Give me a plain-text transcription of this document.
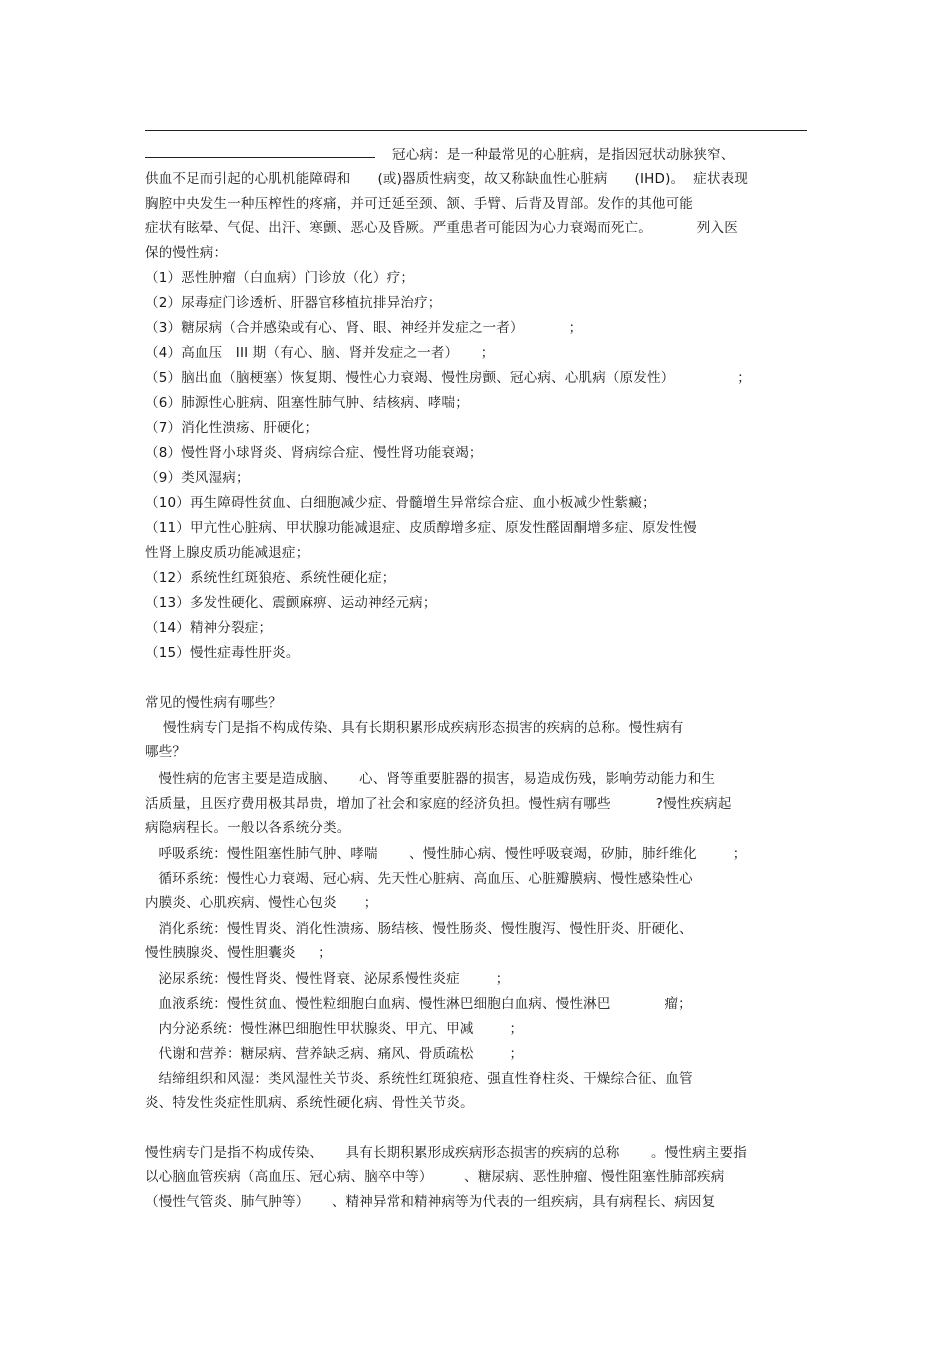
冠心病：是一种最常见的心脏病，是指因冠状动脉狭窄、
供血不足而引起的心肌机能障碍和      (或)器质性病变，故又称缺血性心脏病      (IHD)。  症状表现
胸腔中央发生一种压榨性的疼痛，并可迁延至颈、颔、手臂、后背及胃部。发作的其他可能
症状有眩晕、气促、出汗、寒颤、恶心及昏厥。严重患者可能因为心力衰竭而死亡。          列入医
保的慢性病：
（1）恶性肿瘤（白血病）门诊放（化）疗；
（2）尿毒症门诊透析、肝器官移植抗排异治疗；
（3）糖尿病（合并感染或有心、肾、眼、神经并发症之一者）          ；
（4）高血压   III 期（有心、脑、肾并发症之一者）     ；
（5）脑出血（脑梗塞）恢复期、慢性心力衰竭、慢性房颤、冠心病、心肌病（原发性）              ；
（6）肺源性心脏病、阻塞性肺气肿、结核病、哮喘；
（7）消化性溃疡、肝硬化；
（8）慢性肾小球肾炎、肾病综合症、慢性肾功能衰竭；
（9）类风湿病；
（10）再生障碍性贫血、白细胞减少症、骨髓增生异常综合症、血小板减少性紫癜；
（11）甲亢性心脏病、甲状腺功能减退症、皮质醇增多症、原发性醛固酮增多症、原发性慢
性肾上腺皮质功能减退症；
（12）系统性红斑狼疮、系统性硬化症；
（13）多发性硬化、震颤麻痹、运动神经元病；
（14）精神分裂症；
（15）慢性症毒性肝炎。
常见的慢性病有哪些？
慢性病专门是指不构成传染、具有长期积累形成疾病形态损害的疾病的总称。慢性病有
哪些？
慢性病的危害主要是造成脑、     心、肾等重要脏器的损害，易造成伤残，影响劳动能力和生
活质量，且医疗费用极其昂贵，增加了社会和家庭的经济负担。慢性病有哪些          ?慢性疾病起
病隐病程长。一般以各系统分类。
呼吸系统：慢性阻塞性肺气肿、哮喘       、慢性肺心病、慢性呼吸衰竭，矽肺，肺纤维化        ；
循环系统：慢性心力衰竭、冠心病、先天性心脏病、高血压、心脏瓣膜病、慢性感染性心
内膜炎、心肌疾病、慢性心包炎      ；
消化系统：慢性胃炎、消化性溃疡、肠结核、慢性肠炎、慢性腹泻、慢性肝炎、肝硬化、
慢性胰腺炎、慢性胆囊炎     ；
泌尿系统：慢性肾炎、慢性肾衰、泌尿系慢性炎症        ；
血液系统：慢性贫血、慢性粒细胞白血病、慢性淋巴细胞白血病、慢性淋巴            瘤；
内分泌系统：慢性淋巴细胞性甲状腺炎、甲亢、甲减        ；
代谢和营养：糖尿病、营养缺乏病、痛风、骨质疏松        ；
结缔组织和风湿：类风湿性关节炎、系统性红斑狼疮、强直性脊柱炎、干燥综合征、血管
炎、特发性炎症性肌病、系统性硬化病、骨性关节炎。
慢性病专门是指不构成传染、     具有长期积累形成疾病形态损害的疾病的总称       。慢性病主要指
以心脑血管疾病（高血压、冠心病、脑卒中等）       、糖尿病、恶性肿瘤、慢性阻塞性肺部疾病
（慢性气管炎、肺气肿等）     、精神异常和精神病等为代表的一组疾病，具有病程长、病因复
